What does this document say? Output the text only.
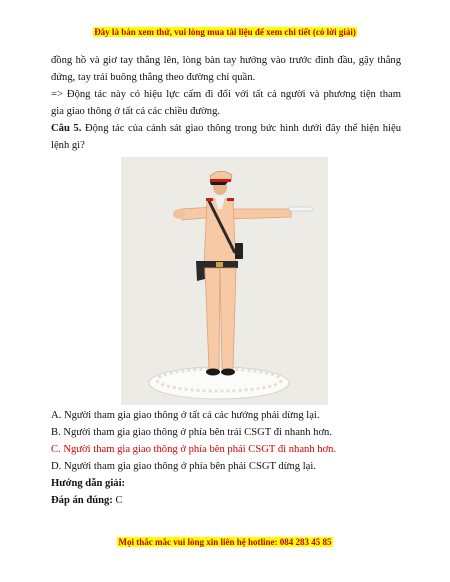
Đây là bản xem thử, vui lòng mua tài liệu để xem chi tiết (có lời giải)
đồng hồ và giơ tay thẳng lên, lòng bàn tay hướng vào trước đỉnh đầu, gậy thẳng
đứng, tay trái buông thẳng theo đường chỉ quần.
=> Động tác này có hiệu lực cấm đi đối với tất cả người và phương tiện tham
gia giao thông ở tất cả các chiều đường.
Câu 5. Động tác của cảnh sát giao thông trong bức hình dưới đây thể hiện hiệu
lệnh gì?
A. Người tham gia giao thông ở tất cả các hướng phải dừng lại.
B. Người tham gia giao thông ở phía bên trái CSGT đi nhanh hơn.
C. Người tham gia giao thông ở phía bên phải CSGT đi nhanh hơn.
D. Người tham gia giao thông ở phía bên phải CSGT dừng lại.
Hướng dẫn giải:
Đáp án đúng: C
Mọi thắc mắc vui lòng xin liên hệ hotline: 084 283 45 85
